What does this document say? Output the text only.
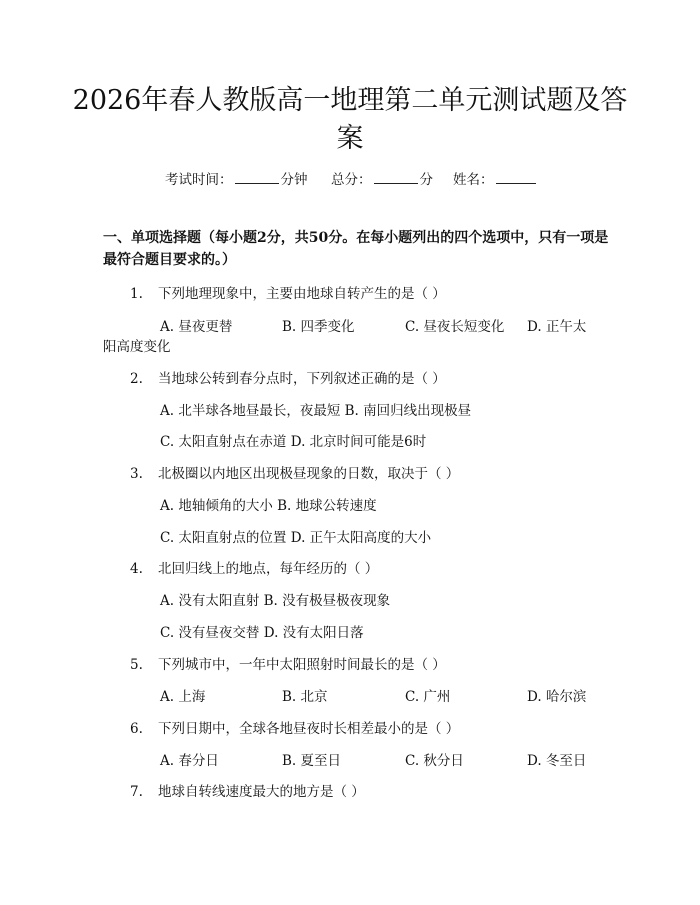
2026年春人教版高一地理第二单元测试题及答案
考试时间：	分钟 总分：	分 姓名：
一、单项选择题（每小题2分，共50分。在每小题列出的四个选项中，只有一项是最符合题目要求的。）
1. 下列地理现象中，主要由地球自转产生的是（ ）
A. 昼夜更替	B. 四季变化	C. 昼夜长短变化 D. 正午太
阳高度变化
2. 当地球公转到春分点时，下列叙述正确的是（ ）
A. 北半球各地昼最长，夜最短 B. 南回归线出现极昼
C. 太阳直射点在赤道 D. 北京时间可能是6时
3. 北极圈以内地区出现极昼现象的日数，取决于（ ）
A. 地轴倾角的大小 B. 地球公转速度
C. 太阳直射点的位置 D. 正午太阳高度的大小
4. 北回归线上的地点，每年经历的（ ）
A. 没有太阳直射 B. 没有极昼极夜现象
C. 没有昼夜交替 D. 没有太阳日落
5. 下列城市中，一年中太阳照射时间最长的是（ ）
A. 上海	B. 北京	C. 广州	D. 哈尔滨
6. 下列日期中，全球各地昼夜时长相差最小的是（ ）
A. 春分日	B. 夏至日	C. 秋分日	D. 冬至日
7. 地球自转线速度最大的地方是（ ）
